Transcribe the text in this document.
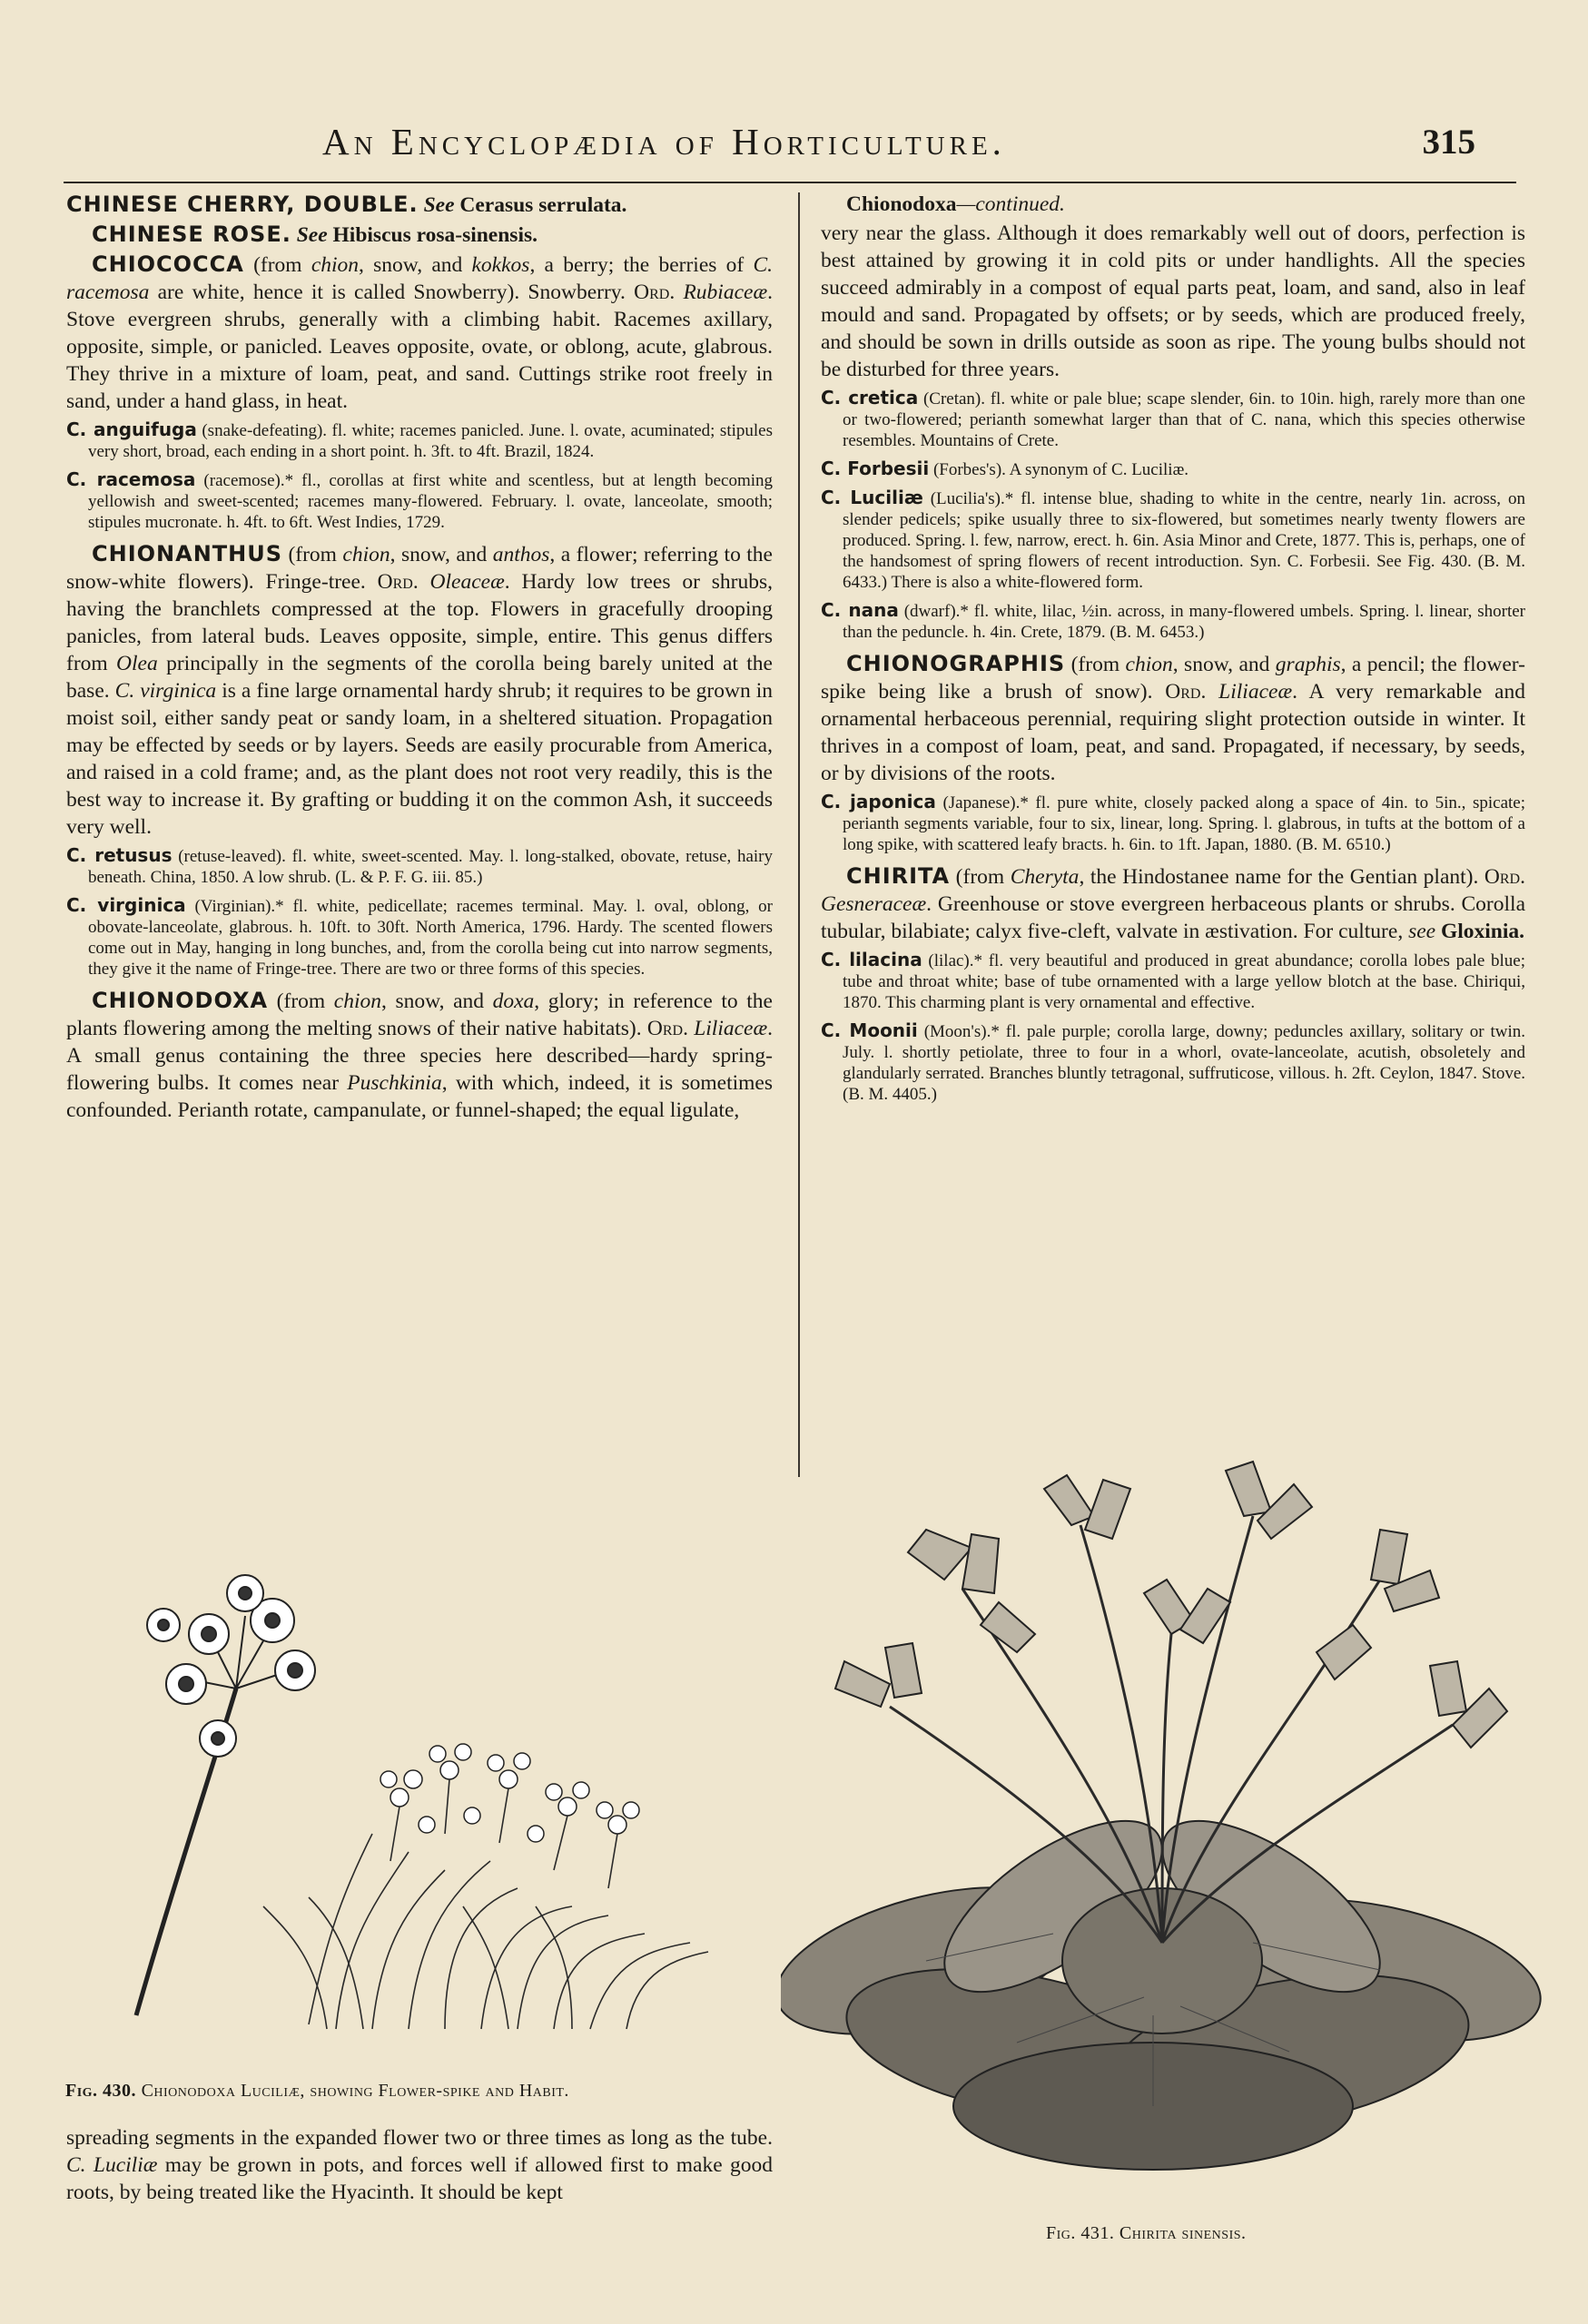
An Encyclopædia of Horticulture.	315

CHINESE CHERRY, DOUBLE. See Cerasus serrulata.

CHINESE ROSE. See Hibiscus rosa-sinensis.

CHIOCOCCA (from chion, snow, and kokkos, a berry; the berries of C. racemosa are white, hence it is called Snowberry). Snowberry. Ord. Rubiaceæ. Stove evergreen shrubs, generally with a climbing habit. Racemes axillary, opposite, simple, or panicled. Leaves opposite, ovate, or oblong, acute, glabrous. They thrive in a mixture of loam, peat, and sand. Cuttings strike root freely in sand, under a hand glass, in heat.

C. anguifuga (snake-defeating). fl. white; racemes panicled. June. l. ovate, acuminated; stipules very short, broad, each ending in a short point. h. 3ft. to 4ft. Brazil, 1824.

C. racemosa (racemose).* fl., corollas at first white and scentless, but at length becoming yellowish and sweet-scented; racemes many-flowered. February. l. ovate, lanceolate, smooth; stipules mucronate. h. 4ft. to 6ft. West Indies, 1729.

CHIONANTHUS (from chion, snow, and anthos, a flower; referring to the snow-white flowers). Fringe-tree. Ord. Oleaceæ. Hardy low trees or shrubs, having the branchlets compressed at the top. Flowers in gracefully drooping panicles, from lateral buds. Leaves opposite, simple, entire. This genus differs from Olea principally in the segments of the corolla being barely united at the base. C. virginica is a fine large ornamental hardy shrub; it requires to be grown in moist soil, either sandy peat or sandy loam, in a sheltered situation. Propagation may be effected by seeds or by layers. Seeds are easily procurable from America, and raised in a cold frame; and, as the plant does not root very readily, this is the best way to increase it. By grafting or budding it on the common Ash, it succeeds very well.

C. retusus (retuse-leaved). fl. white, sweet-scented. May. l. long-stalked, obovate, retuse, hairy beneath. China, 1850. A low shrub. (L. & P. F. G. iii. 85.)

C. virginica (Virginian).* fl. white, pedicellate; racemes terminal. May. l. oval, oblong, or obovate-lanceolate, glabrous. h. 10ft. to 30ft. North America, 1796. Hardy. The scented flowers come out in May, hanging in long bunches, and, from the corolla being cut into narrow segments, they give it the name of Fringe-tree. There are two or three forms of this species.

CHIONODOXA (from chion, snow, and doxa, glory; in reference to the plants flowering among the melting snows of their native habitats). Ord. Liliaceæ. A small genus containing the three species here described—hardy spring-flowering bulbs. It comes near Puschkinia, with which, indeed, it is sometimes confounded. Perianth rotate, campanulate, or funnel-shaped; the equal ligulate,

Fig. 430. Chionodoxa Luciliæ, showing Flower-spike and Habit.

spreading segments in the expanded flower two or three times as long as the tube. C. Luciliæ may be grown in pots, and forces well if allowed first to make good roots, by being treated like the Hyacinth. It should be kept

Chionodoxa—continued.

very near the glass. Although it does remarkably well out of doors, perfection is best attained by growing it in cold pits or under handlights. All the species succeed admirably in a compost of equal parts peat, loam, and sand, also in leaf mould and sand. Propagated by offsets; or by seeds, which are produced freely, and should be sown in drills outside as soon as ripe. The young bulbs should not be disturbed for three years.

C. cretica (Cretan). fl. white or pale blue; scape slender, 6in. to 10in. high, rarely more than one or two-flowered; perianth somewhat larger than that of C. nana, which this species otherwise resembles. Mountains of Crete.

C. Forbesii (Forbes's). A synonym of C. Luciliæ.

C. Luciliæ (Lucilia's).* fl. intense blue, shading to white in the centre, nearly 1in. across, on slender pedicels; spike usually three to six-flowered, but sometimes nearly twenty flowers are produced. Spring. l. few, narrow, erect. h. 6in. Asia Minor and Crete, 1877. This is, perhaps, one of the handsomest of spring flowers of recent introduction. Syn. C. Forbesii. See Fig. 430. (B. M. 6433.) There is also a white-flowered form.

C. nana (dwarf).* fl. white, lilac, ½in. across, in many-flowered umbels. Spring. l. linear, shorter than the peduncle. h. 4in. Crete, 1879. (B. M. 6453.)

CHIONOGRAPHIS (from chion, snow, and graphis, a pencil; the flower-spike being like a brush of snow). Ord. Liliaceæ. A very remarkable and ornamental herbaceous perennial, requiring slight protection outside in winter. It thrives in a compost of loam, peat, and sand. Propagated, if necessary, by seeds, or by divisions of the roots.

C. japonica (Japanese).* fl. pure white, closely packed along a space of 4in. to 5in., spicate; perianth segments variable, four to six, linear, long. Spring. l. glabrous, in tufts at the bottom of a long spike, with scattered leafy bracts. h. 6in. to 1ft. Japan, 1880. (B. M. 6510.)

CHIRITA (from Cheryta, the Hindostanee name for the Gentian plant). Ord. Gesneraceæ. Greenhouse or stove evergreen herbaceous plants or shrubs. Corolla tubular, bilabiate; calyx five-cleft, valvate in æstivation. For culture, see Gloxinia.

C. lilacina (lilac).* fl. very beautiful and produced in great abundance; corolla lobes pale blue; tube and throat white; base of tube ornamented with a large yellow blotch at the base. Chiriqui, 1870. This charming plant is very ornamental and effective.

C. Moonii (Moon's).* fl. pale purple; corolla large, downy; peduncles axillary, solitary or twin. July. l. shortly petiolate, three to four in a whorl, ovate-lanceolate, acutish, obsoletely and glandularly serrated. Branches bluntly tetragonal, suffruticose, villous. h. 2ft. Ceylon, 1847. Stove. (B. M. 4405.)

Fig. 431. Chirita sinensis.
